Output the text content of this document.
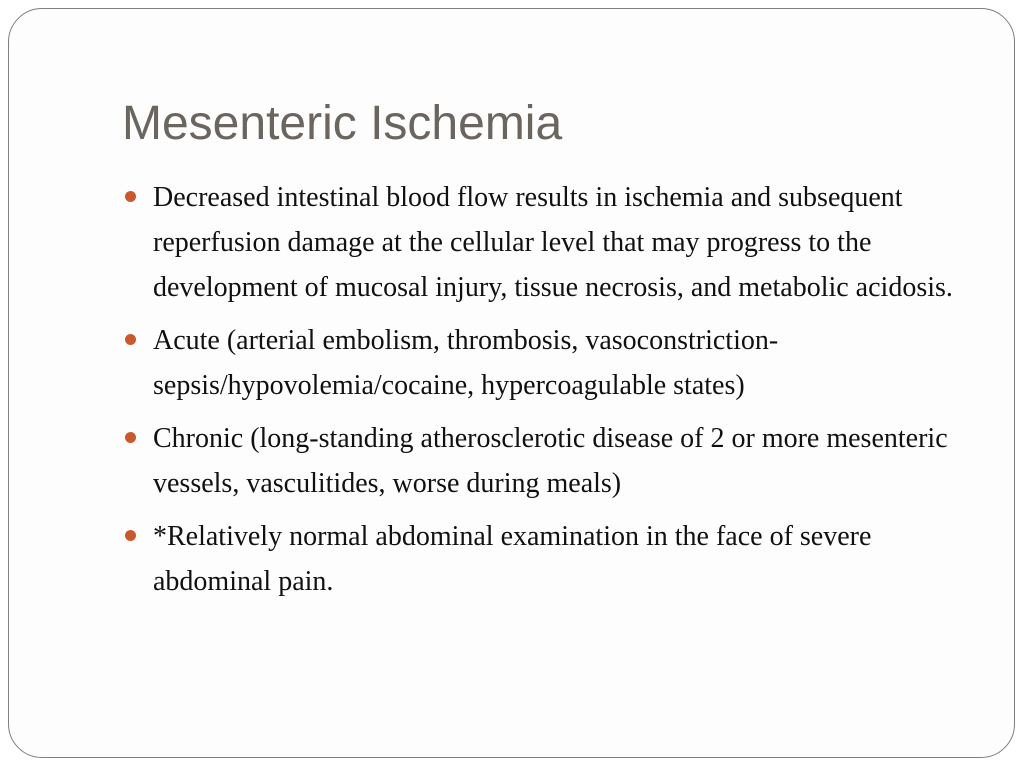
Mesenteric Ischemia
Decreased intestinal blood flow results in ischemia and subsequent reperfusion damage at the cellular level that may progress to the development of mucosal injury, tissue necrosis, and metabolic acidosis.
Acute (arterial embolism, thrombosis, vasoconstriction-sepsis/hypovolemia/cocaine, hypercoagulable states)
Chronic (long-standing atherosclerotic disease of 2 or more mesenteric vessels, vasculitides, worse during meals)
*Relatively normal abdominal examination in the face of severe abdominal pain.
